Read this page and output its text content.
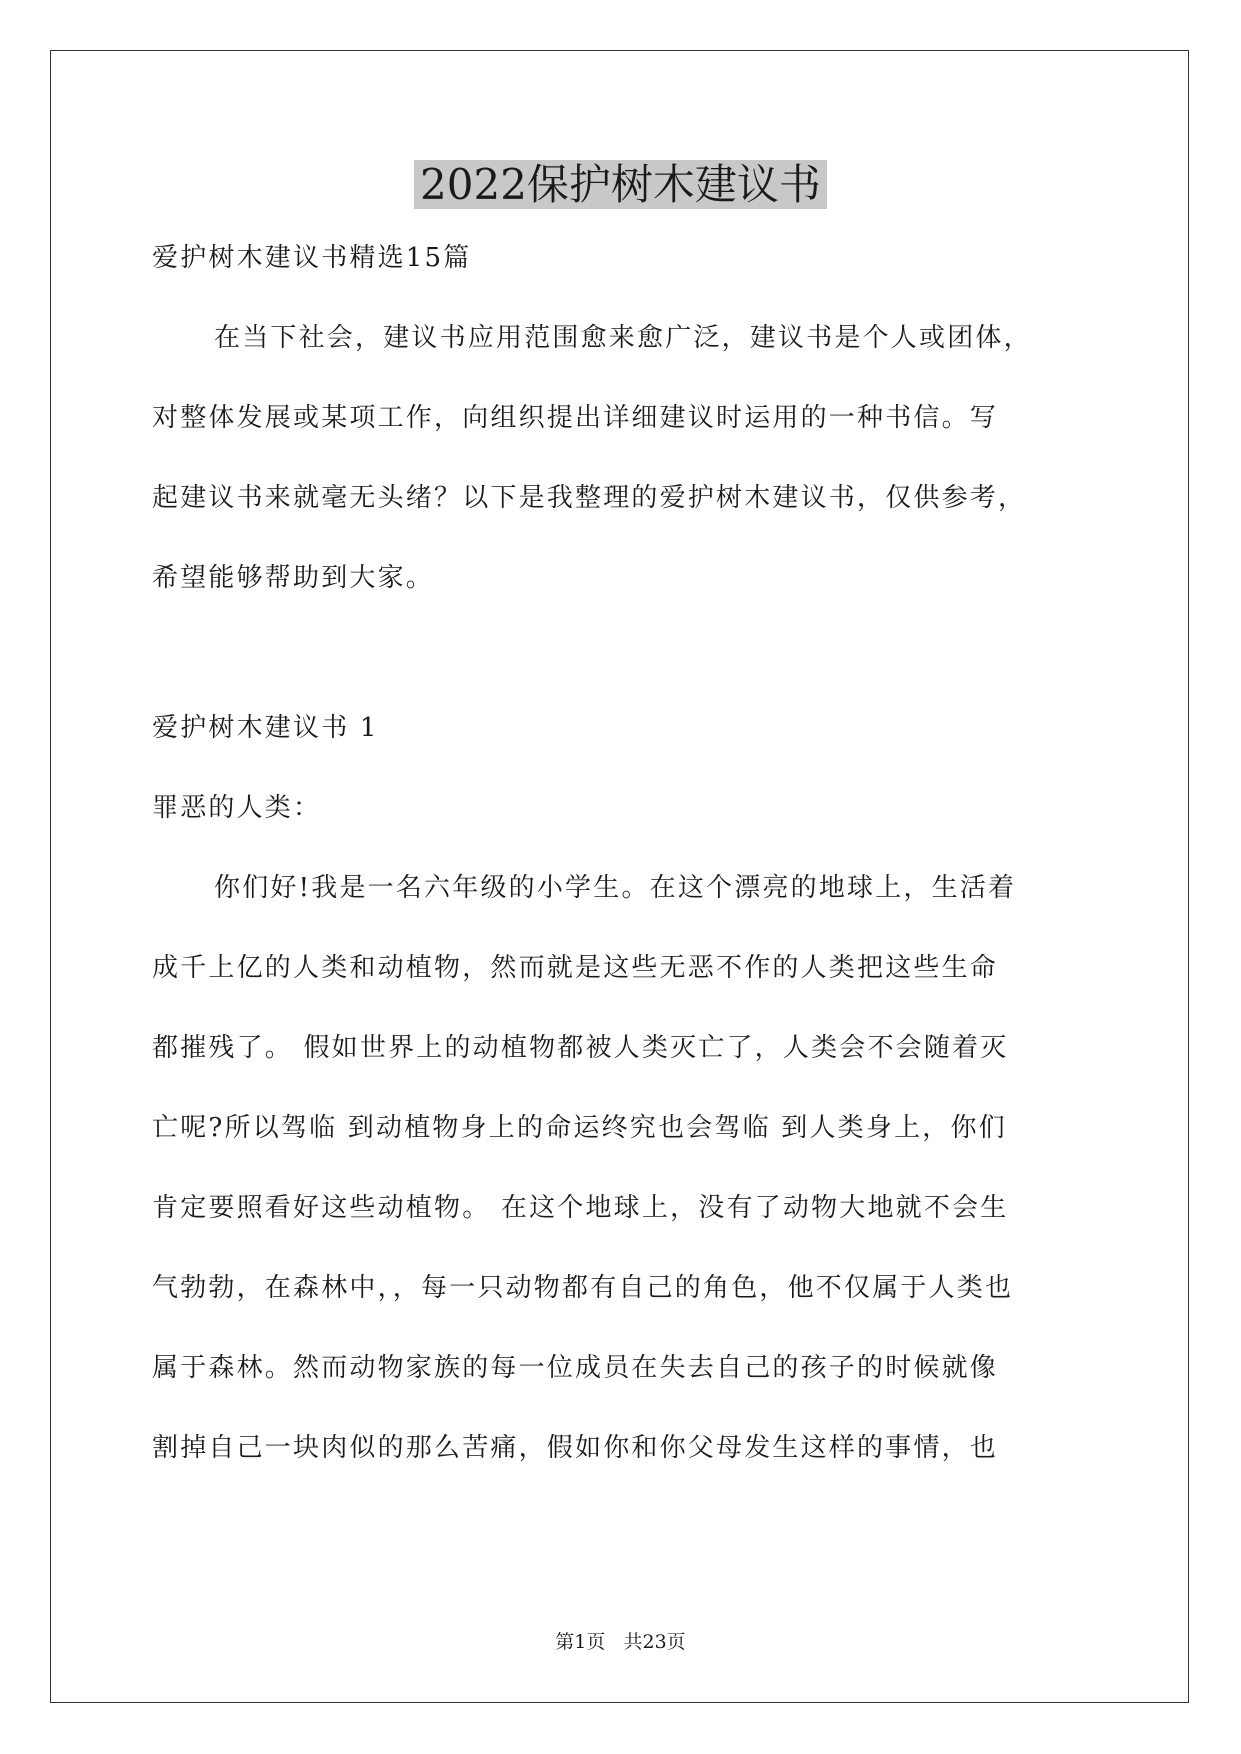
2022保护树木建议书

爱护树木建议书精选15篇

在当下社会，建议书应用范围愈来愈广泛，建议书是个人或团体，

对整体发展或某项工作，向组织提出详细建议时运用的一种书信。写

起建议书来就毫无头绪？以下是我整理的爱护树木建议书，仅供参考，

希望能够帮助到大家。

爱护树木建议书 1

罪恶的人类：

你们好!我是一名六年级的小学生。在这个漂亮的地球上，生活着

成千上亿的人类和动植物，然而就是这些无恶不作的人类把这些生命

都摧残了。 假如世界上的动植物都被人类灭亡了，人类会不会随着灭

亡呢?所以驾临 到动植物身上的命运终究也会驾临 到人类身上，你们

肯定要照看好这些动植物。 在这个地球上，没有了动物大地就不会生

气勃勃，在森林中，，每一只动物都有自己的角色，他不仅属于人类也

属于森林。然而动物家族的每一位成员在失去自己的孩子的时候就像

割掉自己一块肉似的那么苦痛，假如你和你父母发生这样的事情，也

第1页   共23页
